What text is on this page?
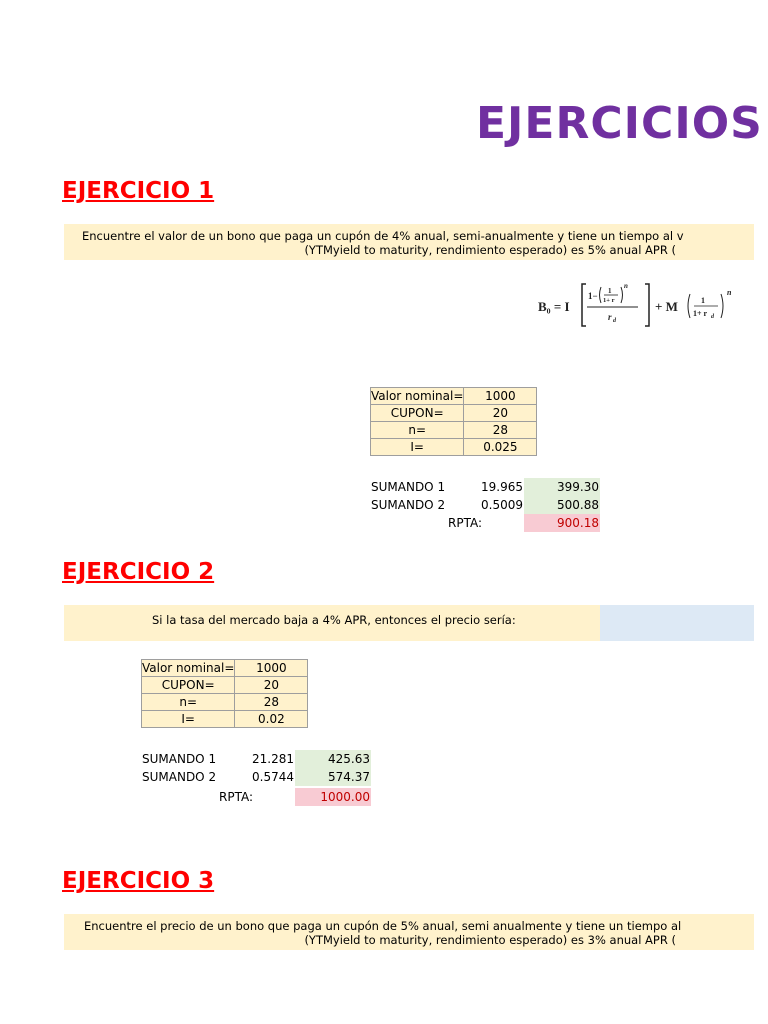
EJERCICIOS
EJERCICIO 1
Encuentre el valor de un bono que paga un cupón de 4% anual, semi-anualmente y tiene un tiempo al v
(YTMyield to maturity, rendimiento esperado) es 5% anual APR (
B₀ = I
1− 1
1+ r
n
r d
+ M	1
1+ r d
n
Valor nominal=	1000
CUPON=	20
n=	28
I=	0.025
SUMANDO 1	19.965	399.30
SUMANDO 2	0.5009	500.88
RPTA:	900.18
EJERCICIO 2
Si la tasa del mercado baja a 4% APR, entonces el precio sería:
Valor nominal=	1000
CUPON=	20
n=	28
I=	0.02
SUMANDO 1	21.281	425.63
SUMANDO 2	0.5744	574.37
RPTA:	1000.00
EJERCICIO 3
Encuentre el precio de un bono que paga un cupón de 5% anual, semi anualmente y tiene un tiempo al
(YTMyield to maturity, rendimiento esperado) es 3% anual APR (
